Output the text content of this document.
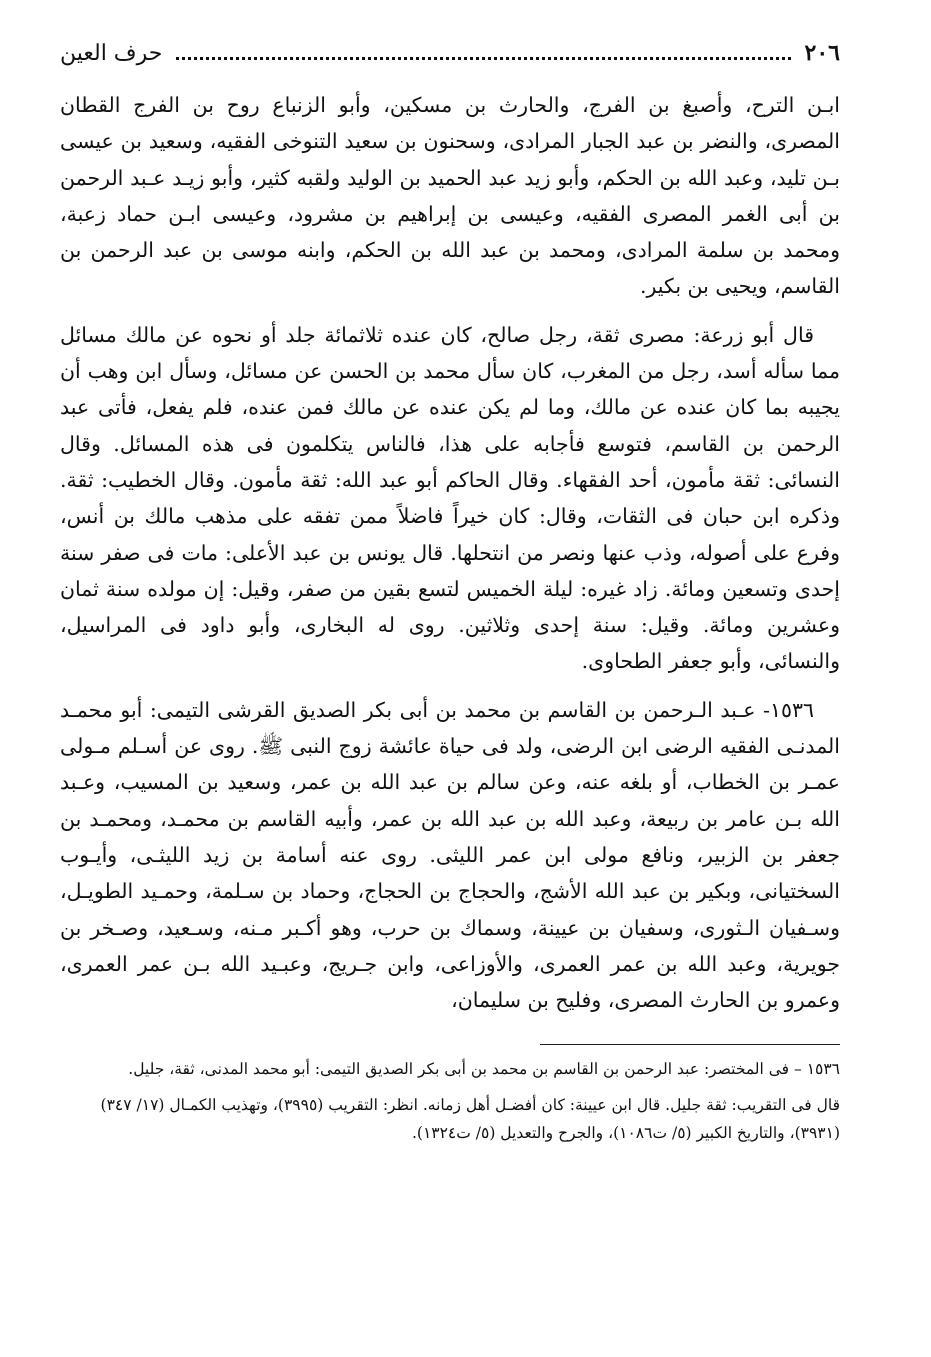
٢٠٦
حرف العين

ابـن الترح، وأصبغ بن الفرج، والحارث بن مسكين، وأبو الزنباع روح بن الفرج القطان المصرى، والنضر بن عبد الجبار المرادى، وسحنون بن سعيد التنوخى الفقيه، وسعيد بن عيسى بـن تليد، وعبد الله بن الحكم، وأبو زيد عبد الحميد بن الوليد ولقبه كثير، وأبو زيـد عـبد الرحمن بن أبى الغمر المصرى الفقيه، وعيسى بن إبراهيم بن مشرود، وعيسى ابـن حماد زعبة، ومحمد بن سلمة المرادى، ومحمد بن عبد الله بن الحكم، وابنه موسى بن عبد الرحمن بن القاسم، ويحيى بن بكير.

قال أبو زرعة: مصرى ثقة، رجل صالح، كان عنده ثلاثمائة جلد أو نحوه عن مالك مسائل مما سأله أسد، رجل من المغرب، كان سأل محمد بن الحسن عن مسائل، وسأل ابن وهب أن يجيبه بما كان عنده عن مالك، وما لم يكن عنده عن مالك فمن عنده، فلم يفعل، فأتى عبد الرحمن بن القاسم، فتوسع فأجابه على هذا، فالناس يتكلمون فى هذه المسائل. وقال النسائى: ثقة مأمون، أحد الفقهاء. وقال الحاكم أبو عبد الله: ثقة مأمون. وقال الخطيب: ثقة. وذكره ابن حبان فى الثقات، وقال: كان خيراً فاضلاً ممن تفقه على مذهب مالك بن أنس، وفرع على أصوله، وذب عنها ونصر من انتحلها. قال يونس بن عبد الأعلى: مات فى صفر سنة إحدى وتسعين ومائة. زاد غيره: ليلة الخميس لتسع بقين من صفر، وقيل: إن مولده سنة ثمان وعشرين ومائة. وقيل: سنة إحدى وثلاثين. روى له البخارى، وأبو داود فى المراسيل، والنسائى، وأبو جعفر الطحاوى.

١٥٣٦- عـبد الـرحمن بن القاسم بن محمد بن أبى بكر الصديق القرشى التيمى: أبو محمـد المدنـى الفقيه الرضى ابن الرضى، ولد فى حياة عائشة زوج النبى ﷺ. روى عن أسـلم مـولى عمـر بن الخطاب، أو بلغه عنه، وعن سالم بن عبد الله بن عمر، وسعيد بن المسيب، وعـبد الله بـن عامر بن ربيعة، وعبد الله بن عبد الله بن عمر، وأبيه القاسم بن محمـد، ومحمـد بن جعفر بن الزبير، ونافع مولى ابن عمر الليثى. روى عنه أسامة بن زيد الليثـى، وأيـوب السختيانى، وبكير بن عبد الله الأشج، والحجاج بن الحجاج، وحماد بن سـلمة، وحمـيد الطويـل، وسـفيان الـثورى، وسفيان بن عيينة، وسماك بن حرب، وهو أكـبر مـنه، وسـعيد، وصـخر بن جويرية، وعبد الله بن عمر العمرى، والأوزاعى، وابن جـريج، وعبـيد الله بـن عمر العمرى، وعمرو بن الحارث المصرى، وفليح بن سليمان،

١٥٣٦ – فى المختصر: عبد الرحمن بن القاسم بن محمد بن أبى بكر الصديق التيمى: أبو محمد المدنى، ثقة، جليل.

قال فى التقريب: ثقة جليل. قال ابن عيينة: كان أفضـل أهل زمانه. انظر: التقريب (٣٩٩٥)، وتهذيب الكمـال (١٧/ ٣٤٧) (٣٩٣١)، والتاريخ الكبير (٥/ ت١٠٨٦)، والجرح والتعديل (٥/ ت١٣٢٤).
